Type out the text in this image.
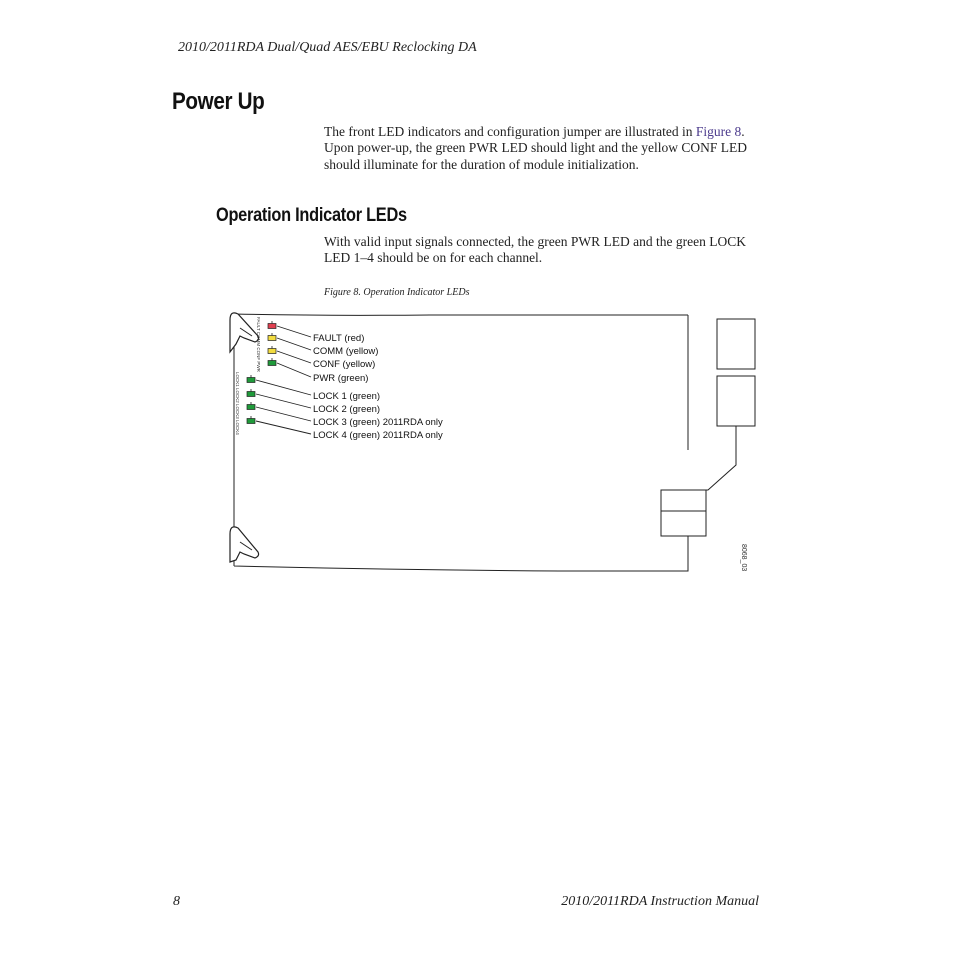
2010/2011RDA Dual/Quad AES/EBU Reclocking DA
Power Up
The front LED indicators and configuration jumper are illustrated in Figure 8. Upon power-up, the green PWR LED should light and the yellow CONF LED should illuminate for the duration of module initialization.
Operation Indicator LEDs
With valid input signals connected, the green PWR LED and the green LOCK LED 1–4 should be on for each channel.
Figure 8. Operation Indicator LEDs
FAULT COMM CONF PWR
LOCK1 LOCK2 LOCK3 LOCK4
8068_03
FAULT (red)
COMM (yellow)
CONF (yellow)
PWR (green)
LOCK 1 (green)
LOCK 2 (green)
LOCK 3 (green) 2011RDA only
LOCK 4 (green) 2011RDA only
8	2010/2011RDA Instruction Manual
